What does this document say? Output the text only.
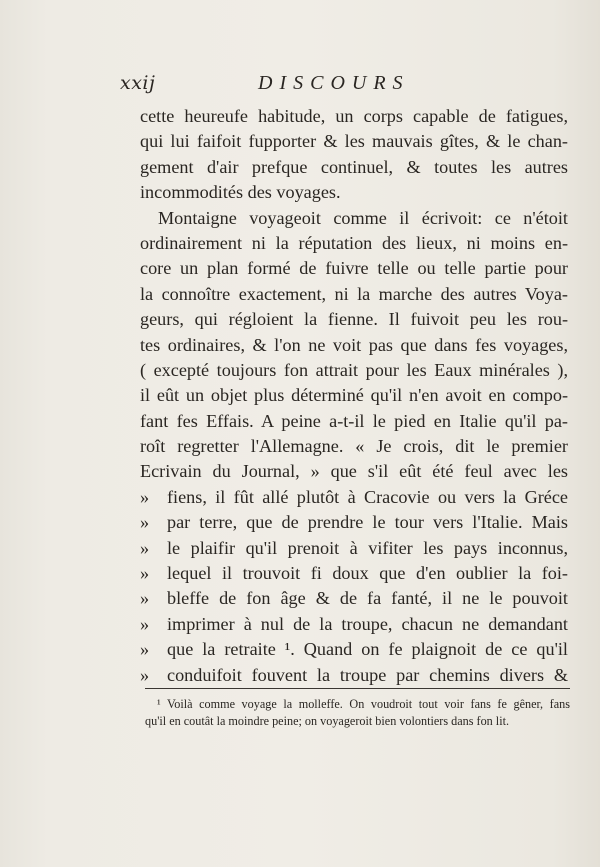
xxij	DISCOURS
cette heureufe habitude, un corps capable de fatigues,
qui lui faifoit fupporter & les mauvais gîtes, & le chan-
gement d'air prefque continuel, & toutes les autres
incommodités des voyages.
Montaigne voyageoit comme il écrivoit: ce n'étoit
ordinairement ni la réputation des lieux, ni moins en-
core un plan formé de fuivre telle ou telle partie pour
la connoître exactement, ni la marche des autres Voya-
geurs, qui régloient la fienne. Il fuivoit peu les rou-
tes ordinaires, & l'on ne voit pas que dans fes voyages,
( excepté toujours fon attrait pour les Eaux minérales ),
il eût un objet plus déterminé qu'il n'en avoit en compo-
fant fes Effais. A peine a-t-il le pied en Italie qu'il pa-
roît regretter l'Allemagne. « Je crois, dit le premier
Ecrivain du Journal, » que s'il eût été feul avec les
» fiens, il fût allé plutôt à Cracovie ou vers la Gréce
» par terre, que de prendre le tour vers l'Italie. Mais
» le plaifir qu'il prenoit à vifiter les pays inconnus,
» lequel il trouvoit fi doux que d'en oublier la foi-
» bleffe de fon âge & de fa fanté, il ne le pouvoit
» imprimer à nul de la troupe, chacun ne demandant
» que la retraite ¹. Quand on fe plaignoit de ce qu'il
» conduifoit fouvent la troupe par chemins divers &
¹ Voilà comme voyage la molleffe. On voudroit tout voir fans fe gêner, fans
qu'il en coutât la moindre peine; on voyageroit bien volontiers dans fon lit.
